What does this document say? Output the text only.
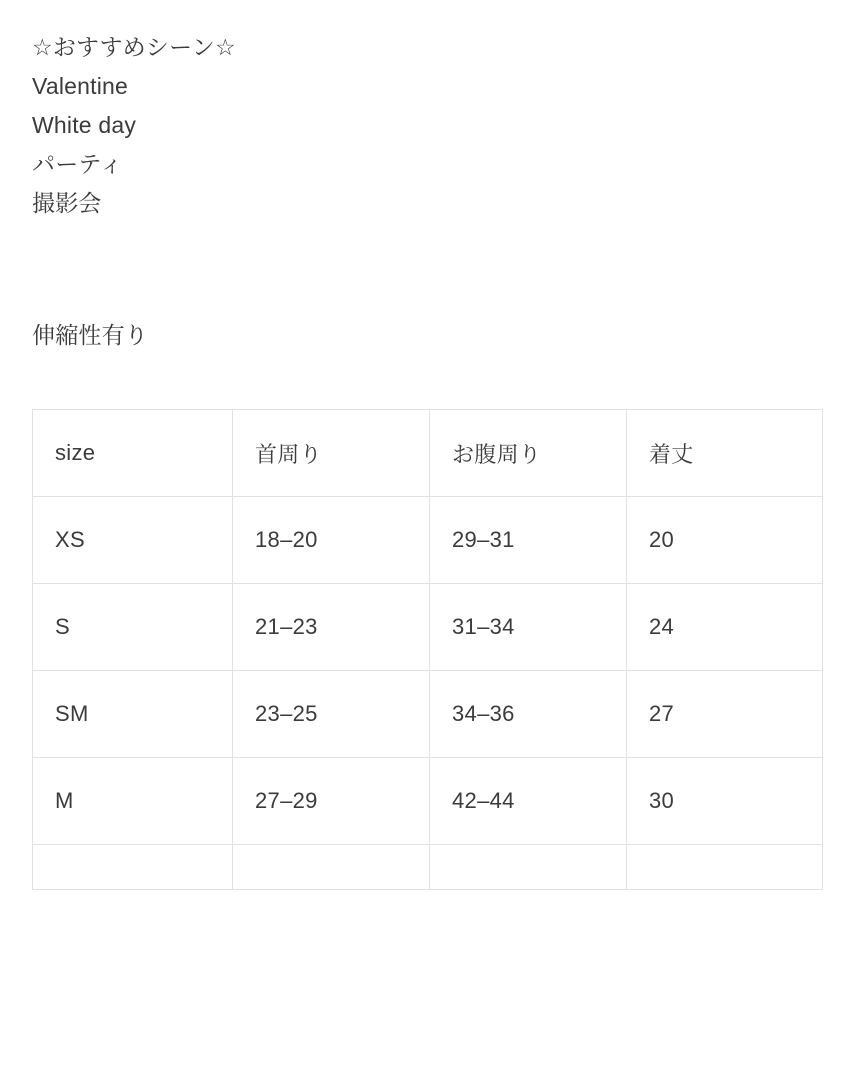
☆おすすめシーン☆
Valentine
White day
パーティ
撮影会
伸縮性有り
size	首周り	お腹周り	着丈
XS	18–20	29–31	20
S	21–23	31–34	24
SM	23–25	34–36	27
M	27–29	42–44	30
